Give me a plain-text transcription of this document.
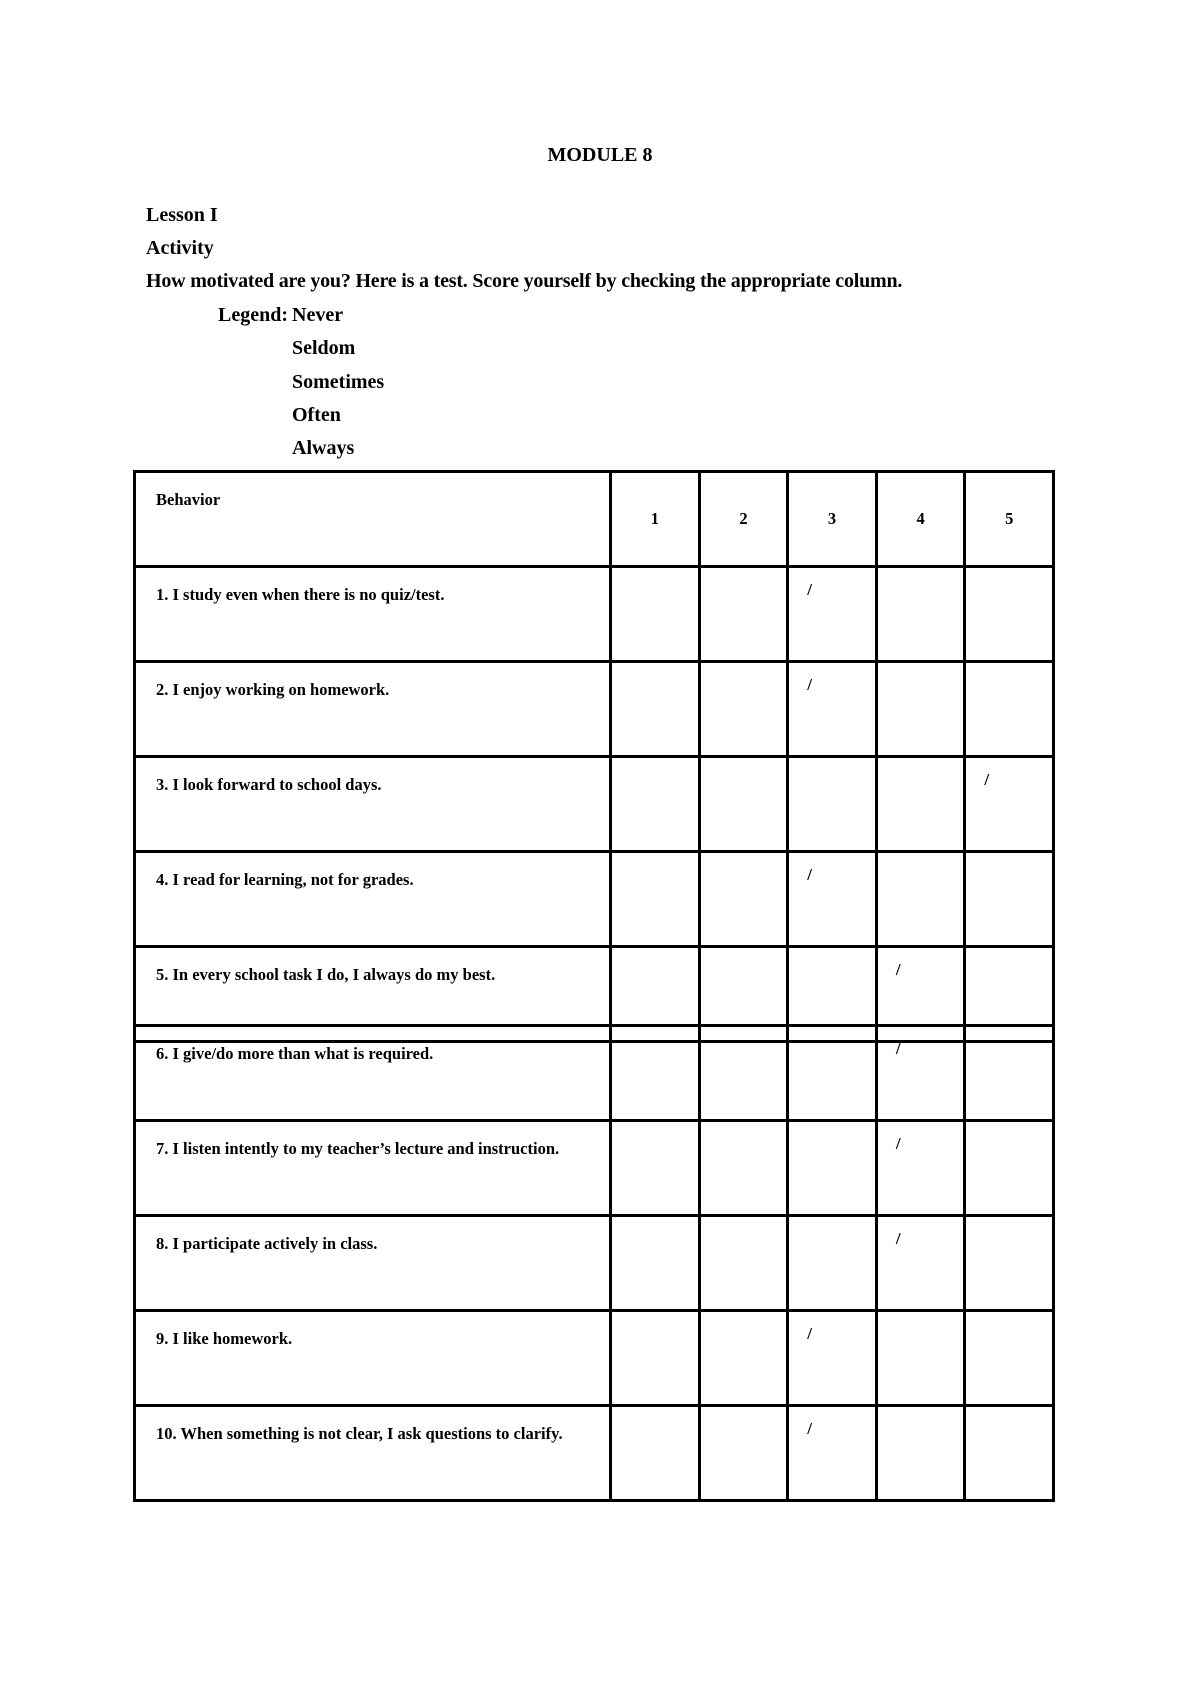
MODULE 8
Lesson I
Activity
How motivated are you? Here is a test. Score yourself by checking the appropriate column.
Legend: Never
Seldom
Sometimes
Often
Always
Behavior	1	2	3	4	5
1. I study even when there is no quiz/test.			/		

2. I enjoy working on homework.			/		

3. I look forward to school days.					/

4. I read for learning, not for grades.			/		

5. In every school task I do, I always do my best.				/	

6. I give/do more than what is required.				/	

7. I listen intently to my teacher’s lecture and instruction.				/	

8. I participate actively in class.				/	

9. I like homework.			/		

10. When something is not clear, I ask questions to clarify.			/		
